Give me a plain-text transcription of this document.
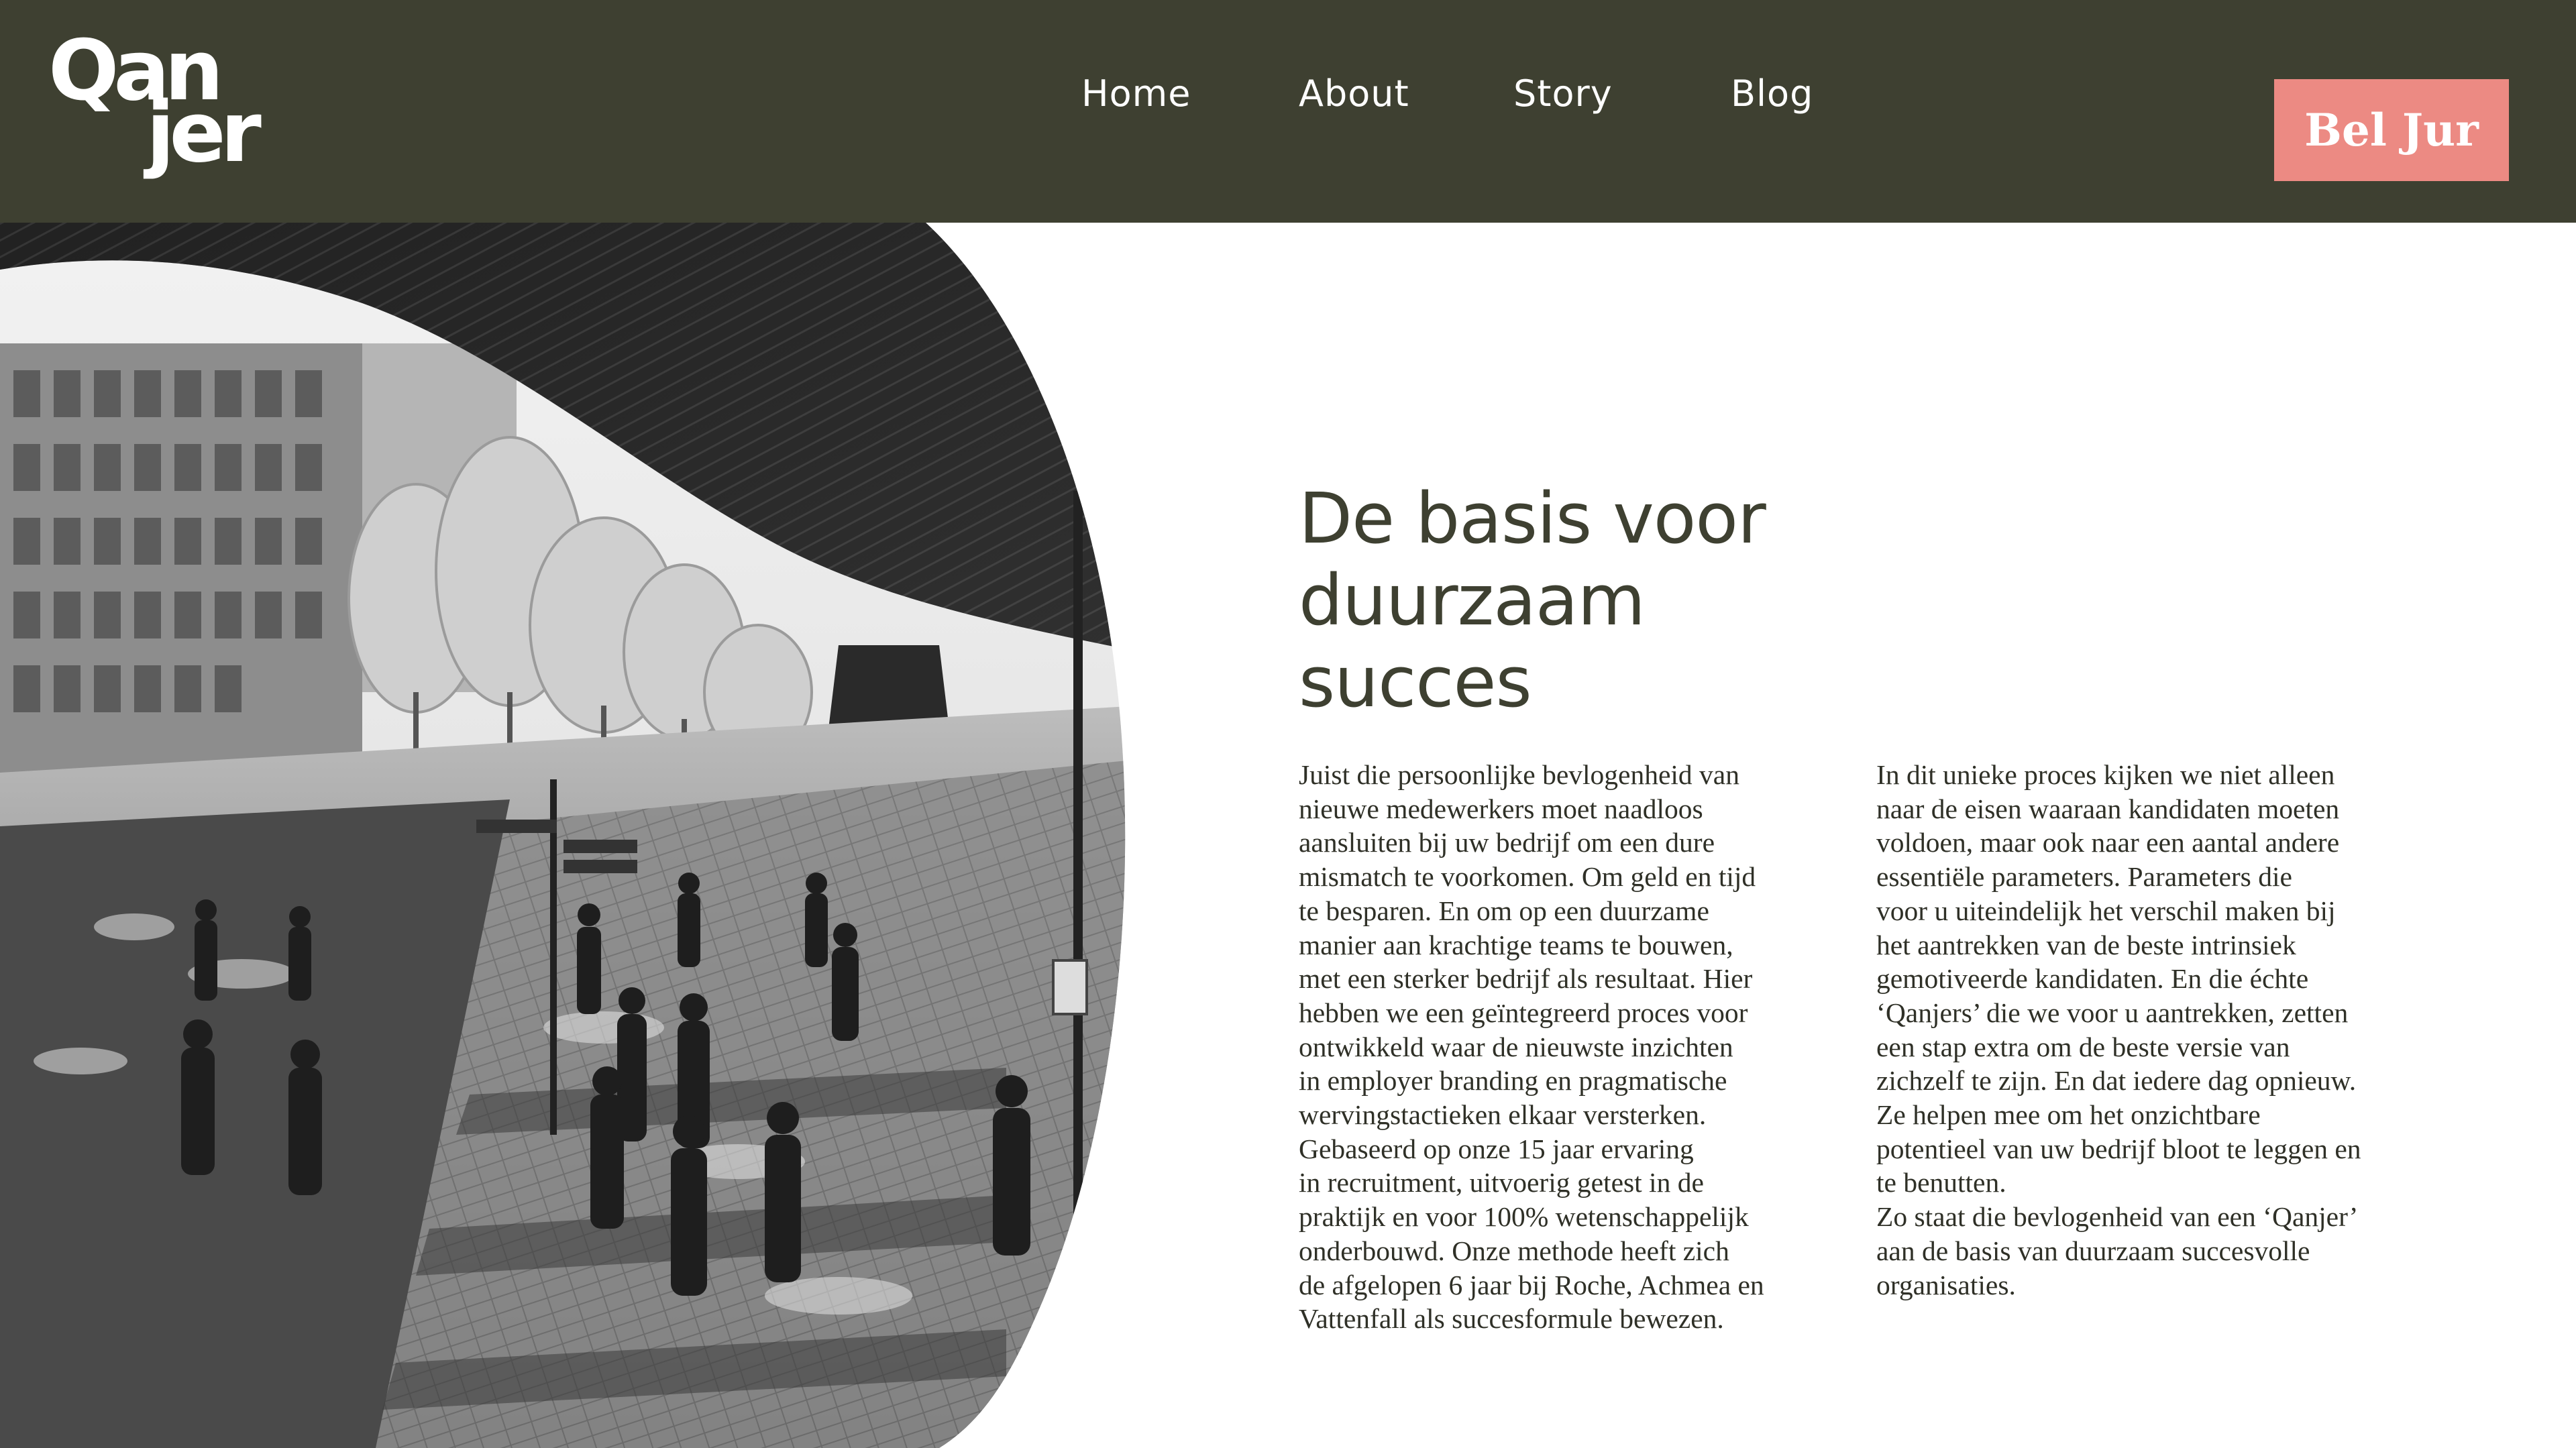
Qan
jer	Home	About	Story	Blog
Bel Jur
De basis voor
duurzaam
succes

Juist die persoonlijke bevlogenheid van
nieuwe medewerkers moet naadloos
aansluiten bij uw bedrijf om een dure
mismatch te voorkomen. Om geld en tijd
te besparen. En om op een duurzame
manier aan krachtige teams te bouwen,
met een sterker bedrijf als resultaat. Hier
hebben we een geïntegreerd proces voor
ontwikkeld waar de nieuwste inzichten
in employer branding en pragmatische
wervingstactieken elkaar versterken.
Gebaseerd op onze 15 jaar ervaring
in recruitment, uitvoerig getest in de
praktijk en voor 100% wetenschappelijk
onderbouwd. Onze methode heeft zich
de afgelopen 6 jaar bij Roche, Achmea en
Vattenfall als succesformule bewezen.

In dit unieke proces kijken we niet alleen
naar de eisen waaraan kandidaten moeten
voldoen, maar ook naar een aantal andere
essentiële parameters. Parameters die
voor u uiteindelijk het verschil maken bij
het aantrekken van de beste intrinsiek
gemotiveerde kandidaten. En die échte
‘Qanjers’ die we voor u aantrekken, zetten
een stap extra om de beste versie van
zichzelf te zijn. En dat iedere dag opnieuw.
Ze helpen mee om het onzichtbare
potentieel van uw bedrijf bloot te leggen en
te benutten.
Zo staat die bevlogenheid van een ‘Qanjer’
aan de basis van duurzaam succesvolle
organisaties.
